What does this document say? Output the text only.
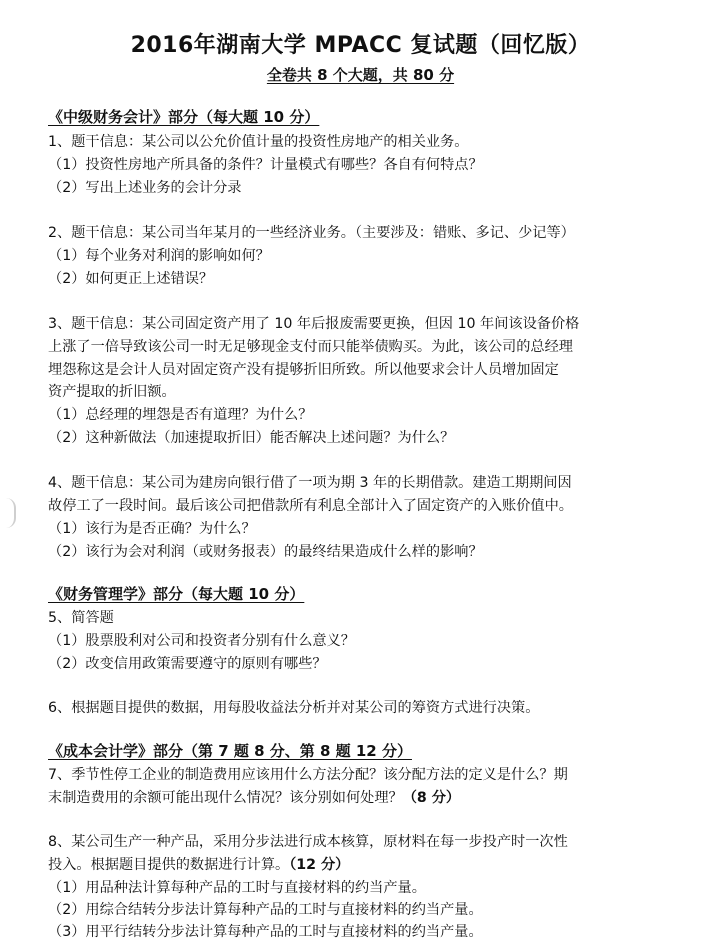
2016年湖南大学 MPACC 复试题（回忆版）
全卷共 8 个大题，共 80 分
《中级财务会计》部分（每大题 10 分）
1、题干信息：某公司以公允价值计量的投资性房地产的相关业务。
（1）投资性房地产所具备的条件？计量模式有哪些？各自有何特点？
（2）写出上述业务的会计分录
2、题干信息：某公司当年某月的一些经济业务。（主要涉及：错账、多记、少记等）
（1）每个业务对利润的影响如何？
（2）如何更正上述错误？
3、题干信息：某公司固定资产用了 10 年后报废需要更换，但因 10 年间该设备价格
上涨了一倍导致该公司一时无足够现金支付而只能举债购买。为此，该公司的总经理
埋怨称这是会计人员对固定资产没有提够折旧所致。所以他要求会计人员增加固定
资产提取的折旧额。
（1）总经理的埋怨是否有道理？为什么？
（2）这种新做法（加速提取折旧）能否解决上述问题？为什么？
4、题干信息：某公司为建房向银行借了一项为期 3 年的长期借款。建造工期期间因
故停工了一段时间。最后该公司把借款所有利息全部计入了固定资产的入账价值中。
（1）该行为是否正确？为什么？
（2）该行为会对利润（或财务报表）的最终结果造成什么样的影响？
《财务管理学》部分（每大题 10 分）
5、简答题
（1）股票股利对公司和投资者分别有什么意义？
（2）改变信用政策需要遵守的原则有哪些？
6、根据题目提供的数据，用每股收益法分析并对某公司的筹资方式进行决策。
《成本会计学》部分（第 7 题 8 分、第 8 题 12 分）
7、季节性停工企业的制造费用应该用什么方法分配？该分配方法的定义是什么？期
末制造费用的余额可能出现什么情况？该分别如何处理？（8 分）
8、某公司生产一种产品，采用分步法进行成本核算，原材料在每一步投产时一次性
投入。根据题目提供的数据进行计算。（12 分）
（1）用品种法计算每种产品的工时与直接材料的约当产量。
（2）用综合结转分步法计算每种产品的工时与直接材料的约当产量。
（3）用平行结转分步法计算每种产品的工时与直接材料的约当产量。
